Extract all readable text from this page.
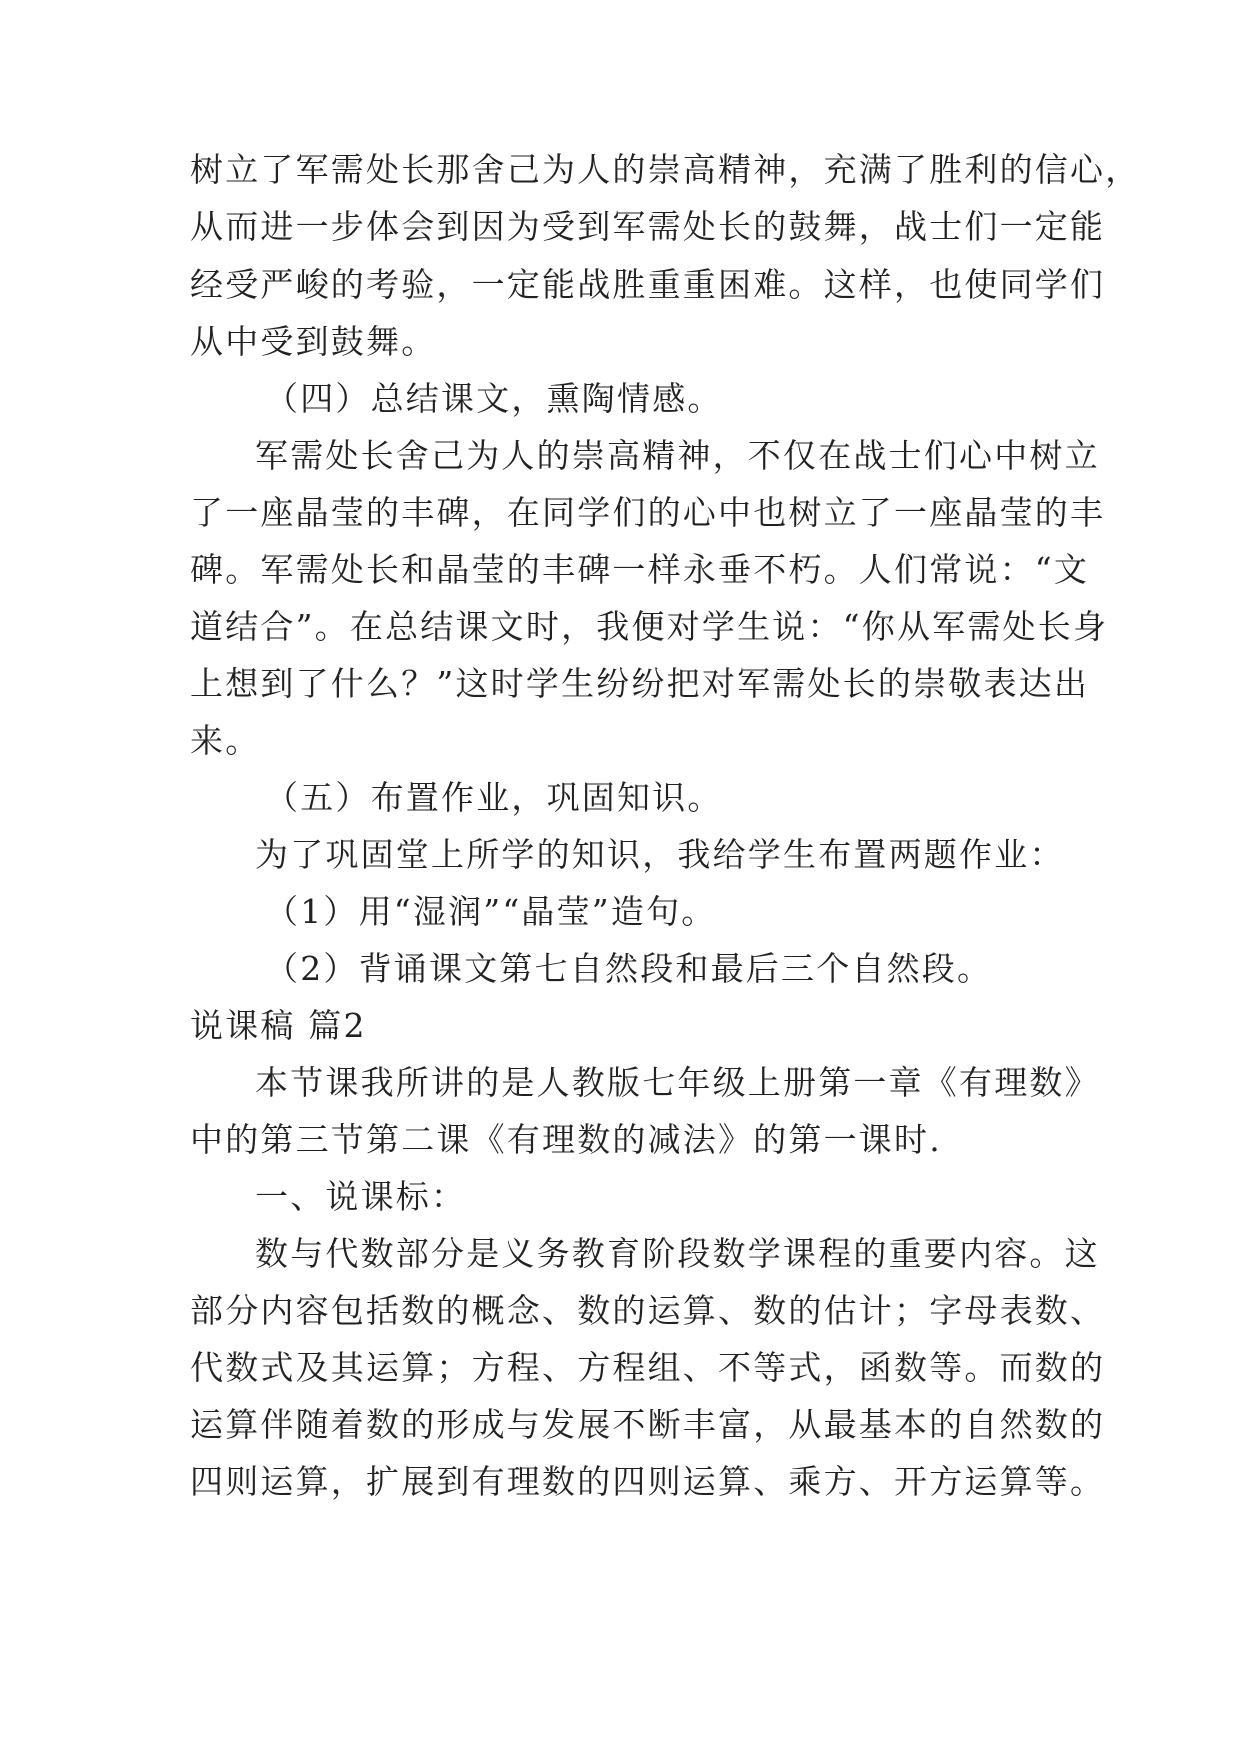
树立了军需处长那舍己为人的崇高精神，充满了胜利的信心，
从而进一步体会到因为受到军需处长的鼓舞，战士们一定能
经受严峻的考验，一定能战胜重重困难。这样，也使同学们
从中受到鼓舞。
（四）总结课文，熏陶情感。
军需处长舍己为人的崇高精神，不仅在战士们心中树立
了一座晶莹的丰碑，在同学们的心中也树立了一座晶莹的丰
碑。军需处长和晶莹的丰碑一样永垂不朽。人们常说：“文
道结合”。在总结课文时，我便对学生说：“你从军需处长身
上想到了什么？”这时学生纷纷把对军需处长的崇敬表达出
来。
（五）布置作业，巩固知识。
为了巩固堂上所学的知识，我给学生布置两题作业：
（1）用“湿润”“晶莹”造句。
（2）背诵课文第七自然段和最后三个自然段。
说课稿 篇2
本节课我所讲的是人教版七年级上册第一章《有理数》
中的第三节第二课《有理数的减法》的第一课时.
一、说课标：
数与代数部分是义务教育阶段数学课程的重要内容。这
部分内容包括数的概念、数的运算、数的估计；字母表数、
代数式及其运算；方程、方程组、不等式，函数等。而数的
运算伴随着数的形成与发展不断丰富，从最基本的自然数的
四则运算，扩展到有理数的四则运算、乘方、开方运算等。
